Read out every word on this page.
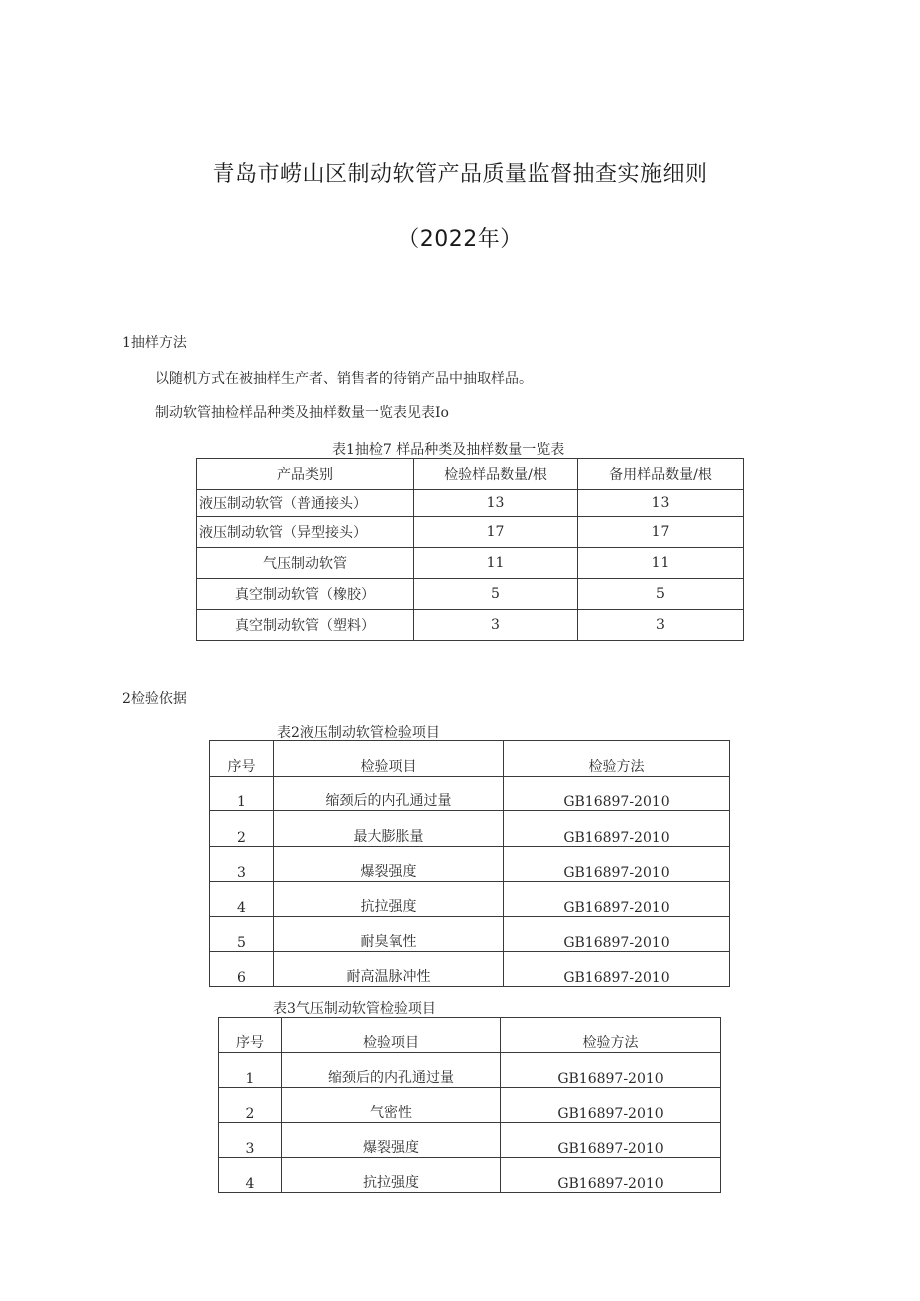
青岛市崂山区制动软管产品质量监督抽查实施细则
（2022年）
1抽样方法
以随机方式在被抽样生产者、销售者的待销产品中抽取样品。
制动软管抽检样品种类及抽样数量一览表见表Io
表1抽检7 样品种类及抽样数量一览表
产品类别	检验样品数量/根	备用样品数量/根
液压制动软管（普通接头）	13	13
液压制动软管（异型接头）	17	17
气压制动软管	11	11
真空制动软管（橡胶）	5	5
真空制动软管（塑料）	3	3
2检验依据
表2液压制动软管检验项目
序号	检验项目	检验方法
1	缩颈后的内孔通过量	GB16897-2010
2	最大膨胀量	GB16897-2010
3	爆裂强度	GB16897-2010
4	抗拉强度	GB16897-2010
5	耐臭氧性	GB16897-2010
6	耐高温脉冲性	GB16897-2010
表3气压制动软管检验项目
序号	检验项目	检验方法
1	缩颈后的内孔通过量	GB16897-2010
2	气密性	GB16897-2010
3	爆裂强度	GB16897-2010
4	抗拉强度	GB16897-2010
